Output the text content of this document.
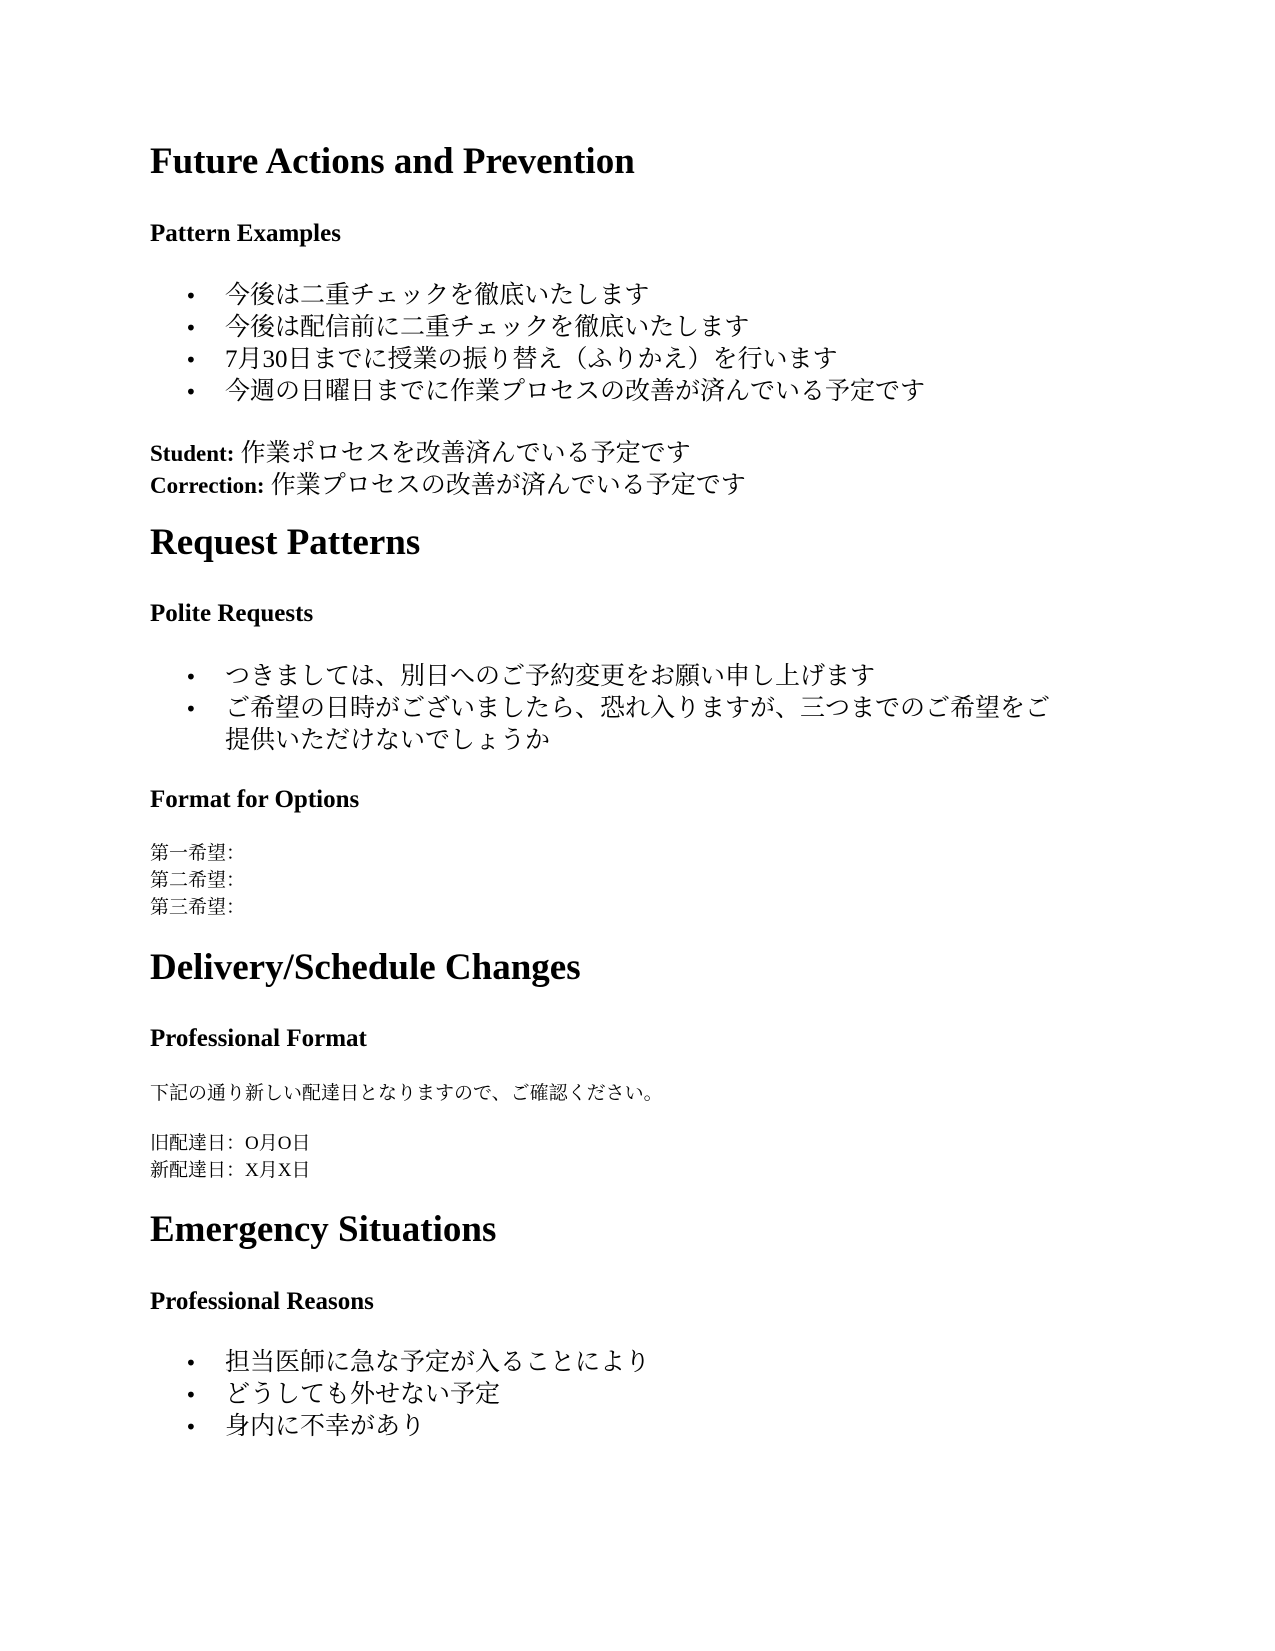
Future Actions and Prevention
Pattern Examples
• 今後は二重チェックを徹底いたします
• 今後は配信前に二重チェックを徹底いたします
• 7月30日までに授業の振り替え（ふりかえ）を行います
• 今週の日曜日までに作業プロセスの改善が済んでいる予定です
Student: 作業ポロセスを改善済んでいる予定です
Correction: 作業プロセスの改善が済んでいる予定です
Request Patterns
Polite Requests
• つきましては、別日へのご予約変更をお願い申し上げます
• ご希望の日時がございましたら、恐れ入りますが、三つまでのご希望をご提供いただけないでしょうか
Format for Options
第一希望：
第二希望：
第三希望：
Delivery/Schedule Changes
Professional Format
下記の通り新しい配達日となりますので、ご確認ください。
旧配達日：O月O日
新配達日：X月X日
Emergency Situations
Professional Reasons
• 担当医師に急な予定が入ることにより
• どうしても外せない予定
• 身内に不幸があり
